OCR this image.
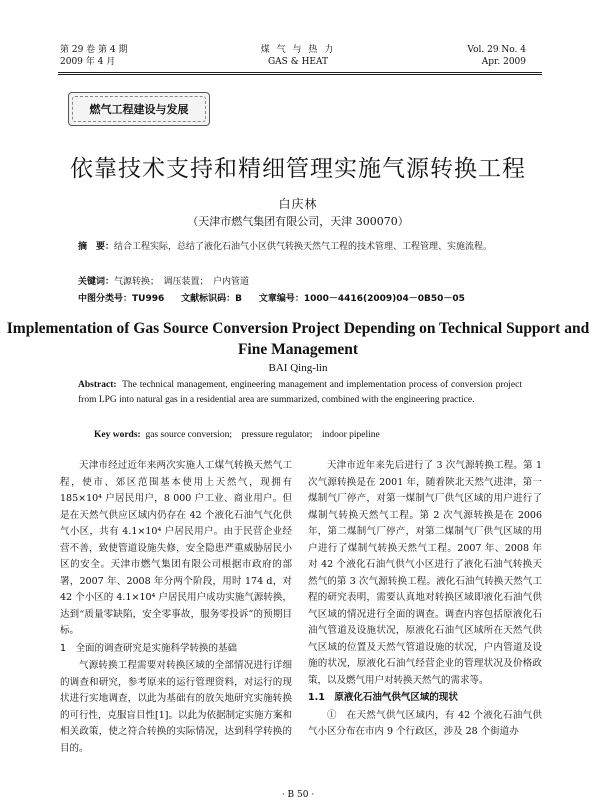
第 29 卷 第 4 期
2009 年 4 月
煤 气 与 热 力
GAS & HEAT
Vol. 29 No. 4
Apr. 2009
燃气工程建设与发展
依靠技术支持和精细管理实施气源转换工程
白庆林
（天津市燃气集团有限公司，天津 300070）
摘　要：结合工程实际，总结了液化石油气小区供气转换天然气工程的技术管理、工程管理、实施流程。
关键词：气源转换；　调压装置；　户内管道
中图分类号：TU996 文献标识码：B 文章编号：1000－4416(2009)04－0B50－05
Implementation of Gas Source Conversion Project Depending on Technical Support and Fine Management
BAI Qing-lin
Abstract: The technical management, engineering management and implementation process of conversion project from LPG into natural gas in a residential area are summarized, combined with the engineering practice.
Key words: gas source conversion;　pressure regulator;　indoor pipeline

天津市经过近年来两次实施人工煤气转换天然气工程，使市、郊区范围基本使用上天然气，现拥有 185×10⁴ 户居民用户，8 000 户工业、商业用户。但是在天然气供应区域内仍存在 42 个液化石油气气化供气小区，共有 4.1×10⁴ 户居民用户。由于民营企业经营不善，致使管道设施失修，安全隐患严重威胁居民小区的安全。天津市燃气集团有限公司根据市政府的部署，2007 年、2008 年分两个阶段，用时 174 d，对 42 个小区的 4.1×10⁴ 户居民用户成功实施气源转换，达到“质量零缺陷，安全零事故，服务零投诉”的预期目标。

1　全面的调查研究是实施科学转换的基础

气源转换工程需要对转换区域的全部情况进行详细的调查和研究，参考原来的运行管理资料，对运行的现状进行实地调查，以此为基础有的放矢地研究实施转换的可行性，克服盲目性[1]。以此为依据制定实施方案和相关政策，使之符合转换的实际情况，达到科学转换的目的。

天津市近年来先后进行了 3 次气源转换工程。第 1 次气源转换是在 2001 年，随着陕北天然气进津，第一煤制气厂停产，对第一煤制气厂供气区域的用户进行了煤制气转换天然气工程。第 2 次气源转换是在 2006 年，第二煤制气厂停产，对第二煤制气厂供气区域的用户进行了煤制气转换天然气工程。2007 年、2008 年对 42 个液化石油气供气小区进行了液化石油气转换天然气的第 3 次气源转换工程。液化石油气转换天然气工程的研究表明，需要认真地对转换区域即液化石油气供气区域的情况进行全面的调查。调查内容包括原液化石油气管道及设施状况，原液化石油气区域所在天然气供气区域的位置及天然气管道设施的状况，户内管道及设施的状况，原液化石油气经营企业的管理状况及价格政策，以及燃气用户对转换天然气的需求等。

1.1　原液化石油气供气区域的现状

①　在天然气供气区域内，有 42 个液化石油气供气小区分布在市内 9 个行政区，涉及 28 个街道办

· B 50 ·
